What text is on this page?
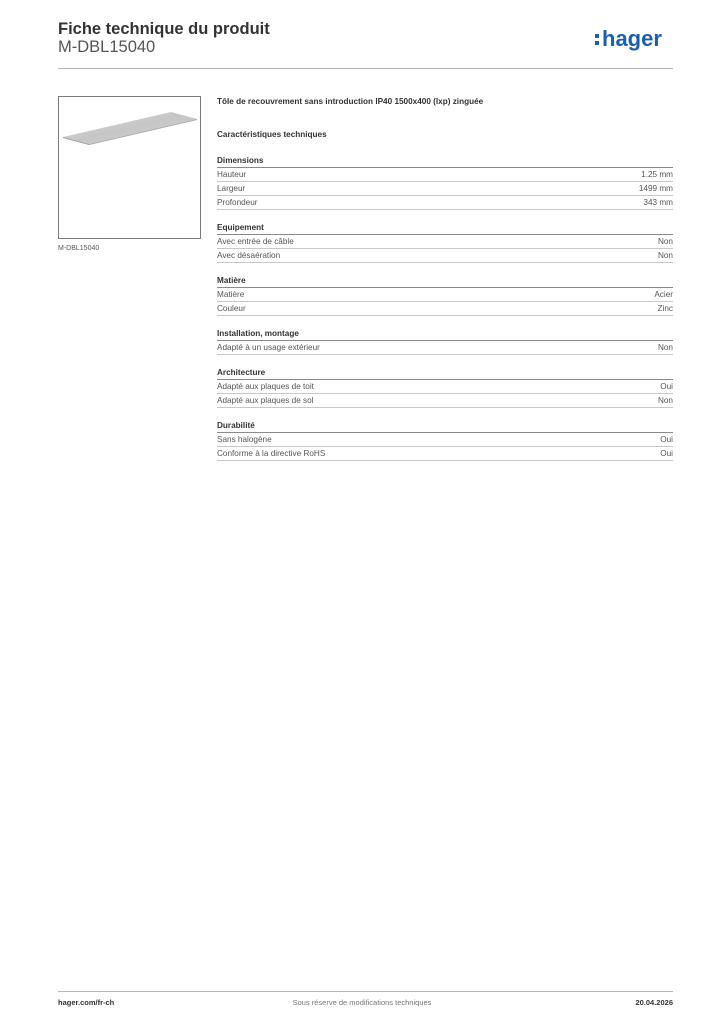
Fiche technique du produit
M-DBL15040	hager
M-DBL15040
Tôle de recouvrement sans introduction IP40 1500x400 (lxp) zinguée
Caractéristiques techniques
Dimensions
Hauteur	1.25 mm
Largeur	1499 mm
Profondeur	343 mm
Equipement
Avec entrée de câble	Non
Avec désaération	Non
Matière
Matière	Acier
Couleur	Zinc
Installation, montage
Adapté à un usage extérieur	Non
Architecture
Adapté aux plaques de toit	Oui
Adapté aux plaques de sol	Non
Durabilité
Sans halogène	Oui
Conforme à la directive RoHS	Oui
hager.com/fr-ch	Sous réserve de modifications techniques	20.04.2026
